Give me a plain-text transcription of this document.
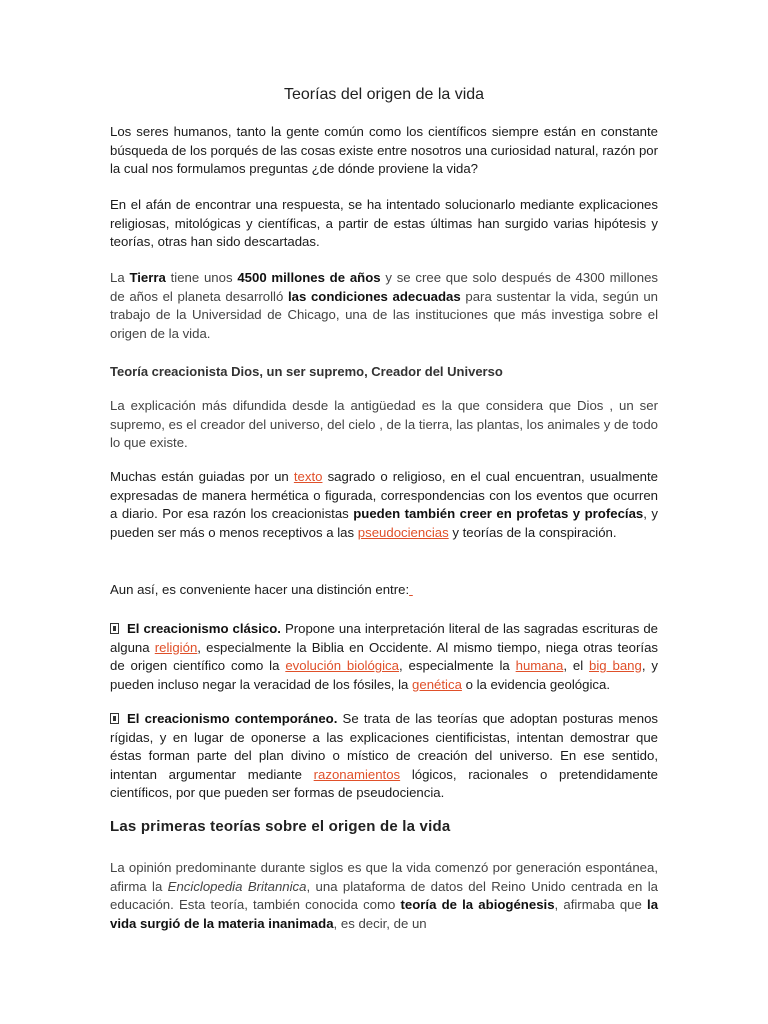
Teorías del origen de la vida
Los seres humanos, tanto la gente común como los científicos siempre están en constante búsqueda de los porqués de las cosas existe entre nosotros una curiosidad natural, razón por la cual nos formulamos preguntas ¿de dónde proviene la vida?
En el afán de encontrar una respuesta, se ha intentado solucionarlo mediante explicaciones religiosas, mitológicas y científicas, a partir de estas últimas han surgido varias hipótesis y teorías, otras han sido descartadas.
La Tierra tiene unos 4500 millones de años y se cree que solo después de 4300 millones de años el planeta desarrolló las condiciones adecuadas para sustentar la vida, según un trabajo de la Universidad de Chicago, una de las instituciones que más investiga sobre el origen de la vida.
Teoría creacionista Dios, un ser supremo, Creador del Universo
La explicación más difundida desde la antigüedad es la que considera que Dios , un ser supremo, es el creador del universo, del cielo , de la tierra, las plantas, los animales y de todo lo que existe.
Muchas están guiadas por un texto sagrado o religioso, en el cual encuentran, usualmente expresadas de manera hermética o figurada, correspondencias con los eventos que ocurren a diario. Por esa razón los creacionistas pueden también creer en profetas y profecías, y pueden ser más o menos receptivos a las pseudociencias y teorías de la conspiración.
Aun así, es conveniente hacer una distinción entre:
El creacionismo clásico. Propone una interpretación literal de las sagradas escrituras de alguna religión, especialmente la Biblia en Occidente. Al mismo tiempo, niega otras teorías de origen científico como la evolución biológica, especialmente la humana, el big bang, y pueden incluso negar la veracidad de los fósiles, la genética o la evidencia geológica.
El creacionismo contemporáneo. Se trata de las teorías que adoptan posturas menos rígidas, y en lugar de oponerse a las explicaciones cientificistas, intentan demostrar que éstas forman parte del plan divino o místico de creación del universo. En ese sentido, intentan argumentar mediante razonamientos lógicos, racionales o pretendidamente científicos, por que pueden ser formas de pseudociencia.
Las primeras teorías sobre el origen de la vida
La opinión predominante durante siglos es que la vida comenzó por generación espontánea, afirma la Enciclopedia Britannica, una plataforma de datos del Reino Unido centrada en la educación. Esta teoría, también conocida como teoría de la abiogénesis, afirmaba que la vida surgió de la materia inanimada, es decir, de un
